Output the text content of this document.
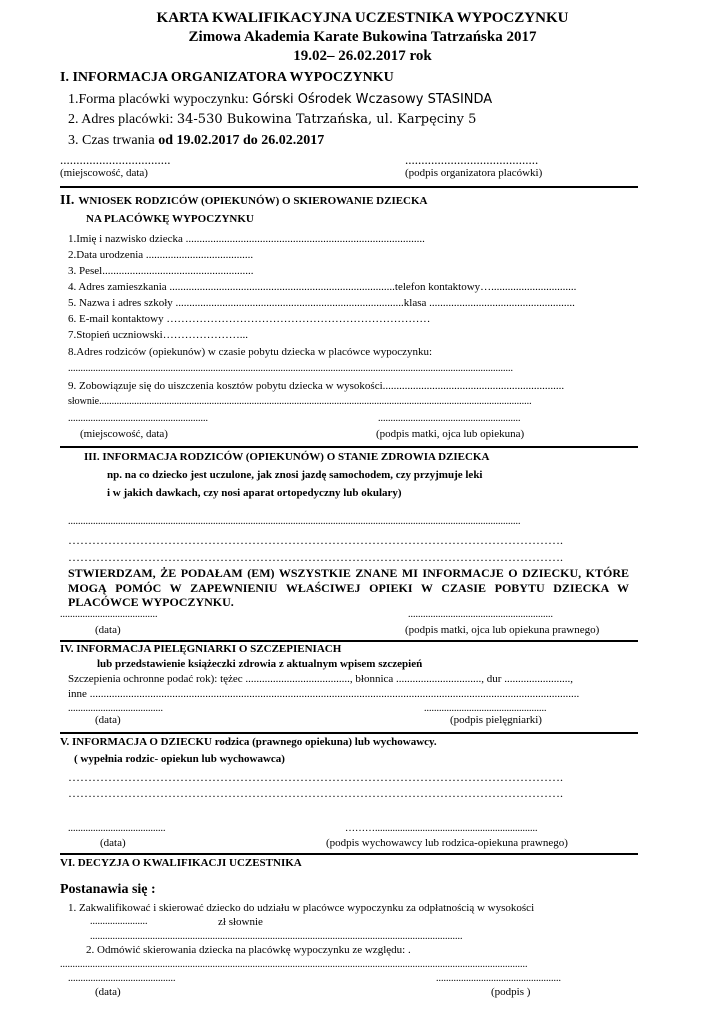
KARTA KWALIFIKACYJNA UCZESTNIKA WYPOCZYNKU
Zimowa Akademia Karate Bukowina Tatrzańska 2017
19.02– 26.02.2017 rok
I. INFORMACJA ORGANIZATORA WYPOCZYNKU
1.Forma placówki wypoczynku: Górski Ośrodek Wczasowy STASINDA
2. Adres placówki: 34-530 Bukowina Tatrzańska, ul. Karpęciny 5
3. Czas trwania od 19.02.2017 do 26.02.2017
..................................	.........................................
(miejscowość, data)	(podpis organizatora placówki)
II. WNIOSEK RODZICÓW (OPIEKUNÓW) O SKIEROWANIE DZIECKA
NA PLACÓWKĘ WYPOCZYNKU
1.Imię i nazwisko dziecka .......................................................................................
2.Data urodzenia .......................................
3. Pesel.......................................................
4. Adres zamieszkania ..................................................................................telefon kontaktowy…...............................
5. Nazwa i adres szkoły ...................................................................................klasa .....................................................
6. E-mail kontaktowy ………………………………………………………………
7.Stopień uczniowski…………………...
8.Adres rodziców (opiekunów) w czasie pobytu dziecka w placówce wypoczynku:
..................................................................................................................................................................................
9. Zobowiązuje się do uiszczenia kosztów pobytu dziecka w wysokości..................................................................
słownie.............................................................................................................................................................................
........................................................	.........................................................
(miejscowość, data)	(podpis matki, ojca lub opiekuna)
III. INFORMACJA RODZICÓW (OPIEKUNÓW) O STANIE ZDROWIA DZIECKA
np. na co dziecko jest uczulone, jak znosi jazdę samochodem, czy przyjmuje leki
i w jakich dawkach, czy nosi aparat ortopedyczny lub okulary)
.....................................................................................................................................................................................
…………………………………………………………………………………………………………….
…………………………………………………………………………………………………………….
STWIERDZAM, ŻE PODAŁAM (EM) WSZYSTKIE ZNANE MI INFORMACJE O DZIECKU, KTÓRE MOGĄ POMÓC W ZAPEWNIENIU WŁAŚCIWEJ OPIEKI W CZASIE POBYTU DZIECKA W PLACÓWCE WYPOCZYNKU.
.......................................	..........................................................
(data)	(podpis matki, ojca lub opiekuna prawnego)
IV. INFORMACJA PIELĘGNIARKI O SZCZEPIENIACH
lub przedstawienie książeczki zdrowia z aktualnym wpisem szczepień
Szczepienia ochronne podać rok): tężec ......................................, błonnica ..............................., dur ........................,
inne ..................................................................................................................................................................................
......................................	.................................................
(data)	(podpis pielęgniarki)
V. INFORMACJA O DZIECKU rodzica (prawnego opiekuna) lub wychowawcy.
( wypełnia rodzic- opiekun lub wychowawca)
…………………………………………………………………………………………………………….
…………………………………………………………………………………………………………….
.......................................	……….................................................................
(data)	(podpis wychowawcy lub rodzica-opiekuna prawnego)
VI. DECYZJA O KWALIFIKACJI UCZESTNIKA
Postanawia się :
1. Zakwalifikować i skierować dziecko do udziału w placówce wypoczynku za odpłatnością w wysokości
.......................	zł słownie
.....................................................................................................................................................
2. Odmówić skierowania dziecka na placówkę wypoczynku ze względu: .
...........................................................................................................................................................................................
...........................................	..................................................
(data)	(podpis )
